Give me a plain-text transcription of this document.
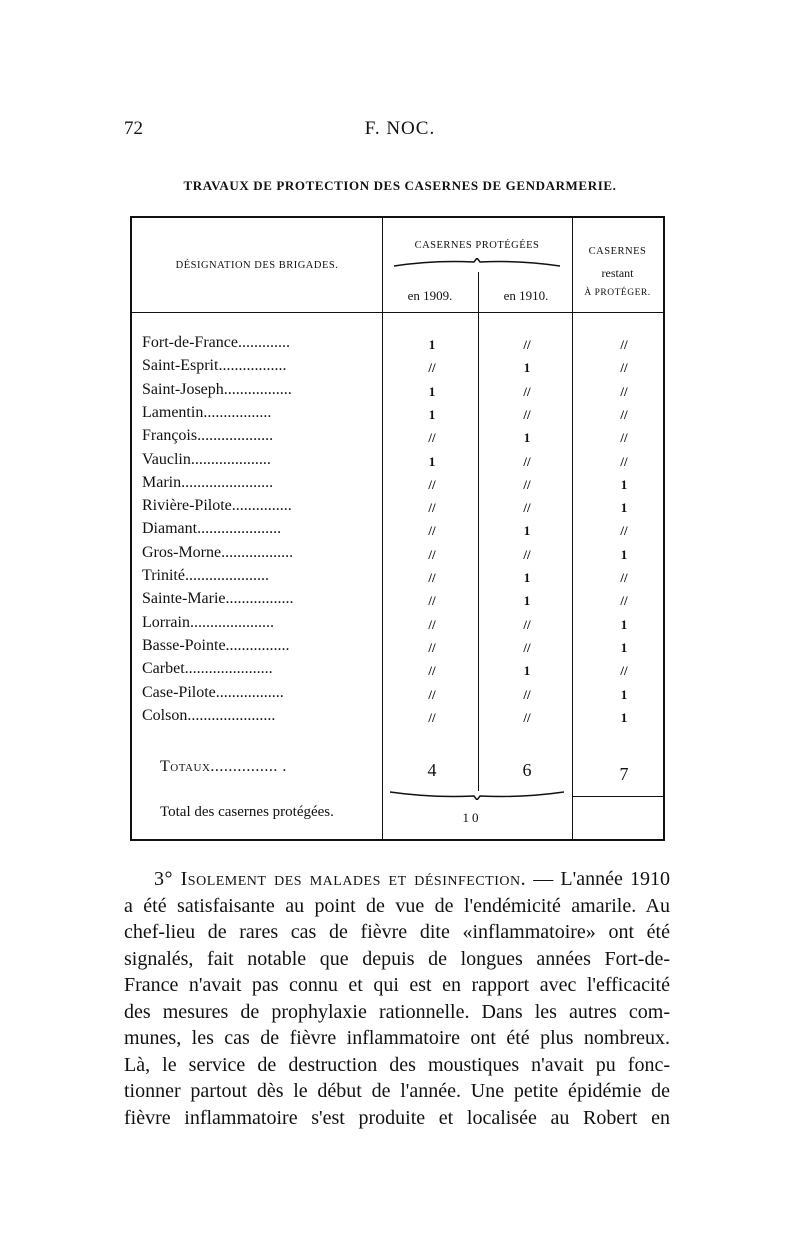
72	F. NOC.
TRAVAUX DE PROTECTION DES CASERNES DE GENDARMERIE.
DÉSIGNATION DES BRIGADES.
CASERNES PROTÉGÉES
en 1909.	en 1910.
CASERNES
restant
À PROTÉGER.
Fort-de-France.............	1	//	//
Saint-Esprit.................	//	1	//
Saint-Joseph.................	1	//	//
Lamentin.................	1	//	//
François...................	//	1	//
Vauclin....................	1	//	//
Marin.......................	//	//	1
Rivière-Pilote...............	//	//	1
Diamant.....................	//	1	//
Gros-Morne..................	//	//	1
Trinité.....................	//	1	//
Sainte-Marie.................	//	1	//
Lorrain.....................	//	//	1
Basse-Pointe................	//	//	1
Carbet......................	//	1	//
Case-Pilote.................	//	//	1
Colson......................	//	//	1
Totaux............... .	4	6	7
Total des casernes protégées.	10
3° Isolement des malades et désinfection. — L'année 1910
a été satisfaisante au point de vue de l'endémicité amarile. Au
chef-lieu de rares cas de fièvre dite «inflammatoire» ont été
signalés, fait notable que depuis de longues années Fort-de-
France n'avait pas connu et qui est en rapport avec l'efficacité
des mesures de prophylaxie rationnelle. Dans les autres com-
munes, les cas de fièvre inflammatoire ont été plus nombreux.
Là, le service de destruction des moustiques n'avait pu fonc-
tionner partout dès le début de l'année. Une petite épidémie de
fièvre inflammatoire s'est produite et localisée au Robert en
